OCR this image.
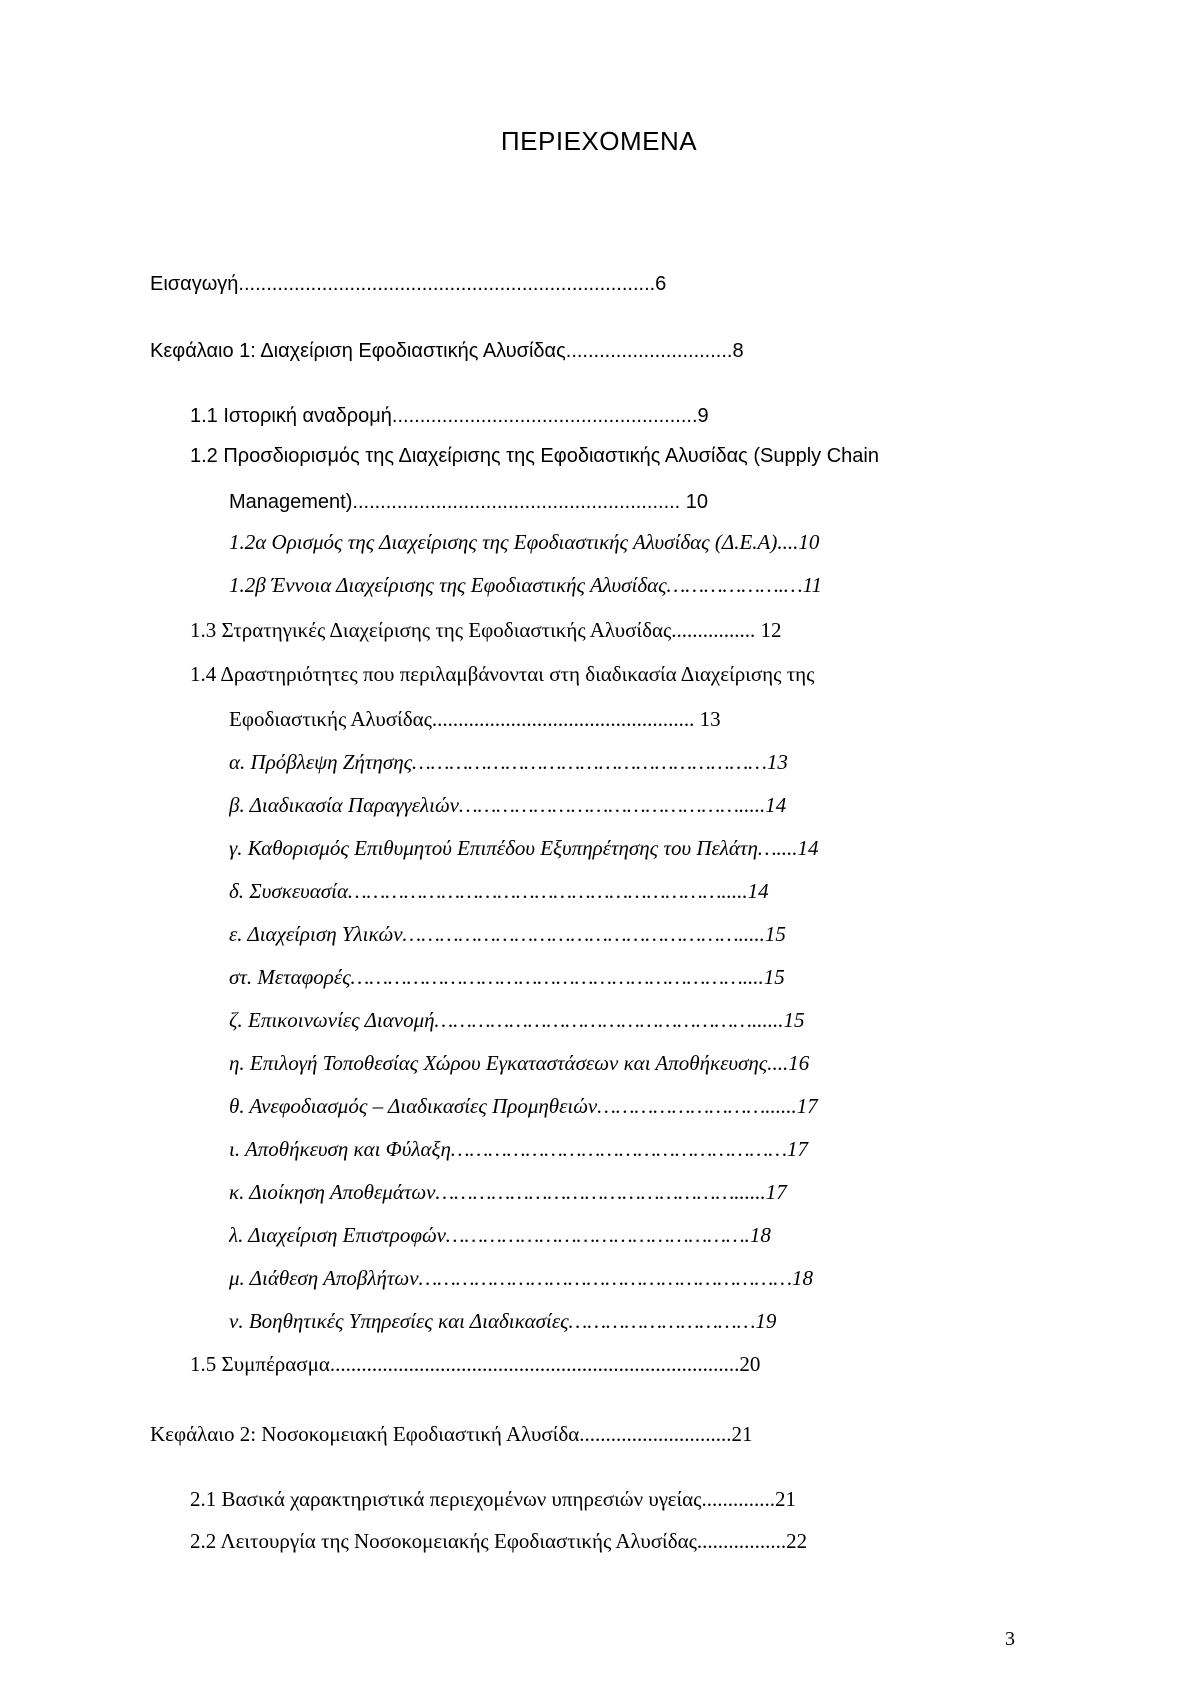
ΠΕΡΙΕΧΟΜΕΝΑ
Εισαγωγή...........................................................................6
Κεφάλαιο 1: Διαχείριση Εφοδιαστικής Αλυσίδας..............................8
1.1 Ιστορική αναδρομή.......................................................9
1.2 Προσδιορισμός της Διαχείρισης της Εφοδιαστικής Αλυσίδας (Supply Chain
Management)........................................................... 10
1.2α Ορισμός της Διαχείρισης της Εφοδιαστικής Αλυσίδας (Δ.Ε.Α)....10
1.2β Έννοια Διαχείρισης της Εφοδιαστικής Αλυσίδας……………….…11
1.3 Στρατηγικές Διαχείρισης της Εφοδιαστικής Αλυσίδας................ 12
1.4 Δραστηριότητες που περιλαμβάνονται στη διαδικασία Διαχείρισης της
Εφοδιαστικής Αλυσίδας.................................................. 13
α. Πρόβλεψη Ζήτησης…………………………………………………13
β. Διαδικασία Παραγγελιών……………………………………….....14
γ. Καθορισμός Επιθυμητού Επιπέδου Εξυπηρέτησης του Πελάτη…....14
δ. Συσκευασία…………………………………………………….....14
ε. Διαχείριση Υλικών……………………………………………….....15
στ. Μεταφορές………………………………………………………....15
ζ. Επικοινωνίες Διανομή……………………………………………......15
η. Επιλογή Τοποθεσίας Χώρου Εγκαταστάσεων και Αποθήκευσης....16
θ. Ανεφοδιασμός – Διαδικασίες Προμηθειών………………………......17
ι. Αποθήκευση και Φύλαξη………………………………………………17
κ. Διοίκηση Αποθεμάτων…………………………………………......17
λ. Διαχείριση Επιστροφών………………………………………….18
μ. Διάθεση Αποβλήτων……………………………………………………18
ν. Βοηθητικές Υπηρεσίες και Διαδικασίες…………………………19
1.5 Συμπέρασμα..............................................................................20
Κεφάλαιο 2: Νοσοκομειακή Εφοδιαστική Αλυσίδα.............................21
2.1 Βασικά χαρακτηριστικά περιεχομένων υπηρεσιών υγείας..............21
2.2 Λειτουργία της Νοσοκομειακής Εφοδιαστικής Αλυσίδας.................22
3
